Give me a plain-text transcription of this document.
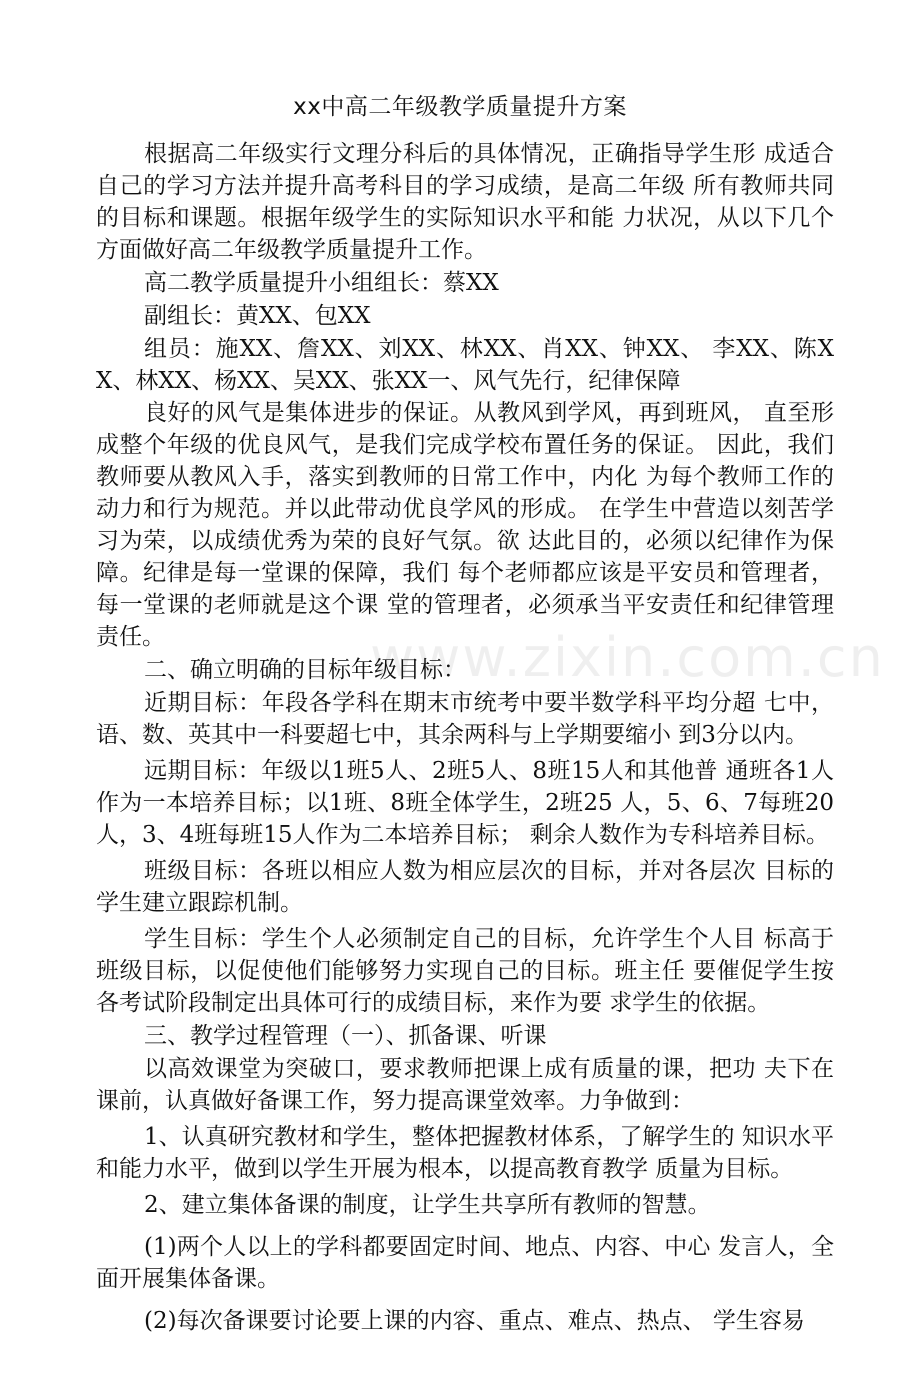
xx中高二年级教学质量提升方案
www.zixin.com.cn

根据高二年级实行文理分科后的具体情况，正确指导学生形 成适合自己的学习方法并提升高考科目的学习成绩，是高二年级 所有教师共同的目标和课题。根据年级学生的实际知识水平和能 力状况，从以下几个方面做好高二年级教学质量提升工作。

高二教学质量提升小组组长：蔡XX

副组长：黄XX、包XX

组员：施XX、詹XX、刘XX、林XX、肖XX、钟XX、 李XX、陈XX、林XX、杨XX、吴XX、张XX一、风气先行，纪律保障

良好的风气是集体进步的保证。从教风到学风，再到班风， 直至形成整个年级的优良风气，是我们完成学校布置任务的保证。 因此，我们教师要从教风入手，落实到教师的日常工作中，内化 为每个教师工作的动力和行为规范。并以此带动优良学风的形成。 在学生中营造以刻苦学习为荣，以成绩优秀为荣的良好气氛。欲 达此目的，必须以纪律作为保障。纪律是每一堂课的保障，我们 每个老师都应该是平安员和管理者，每一堂课的老师就是这个课 堂的管理者，必须承当平安责任和纪律管理责任。

二、确立明确的目标年级目标：

近期目标：年段各学科在期末市统考中要半数学科平均分超 七中，语、数、英其中一科要超七中，其余两科与上学期要缩小 到3分以内。

远期目标：年级以1班5人、2班5人、8班15人和其他普 通班各1人作为一本培养目标；以1班、8班全体学生，2班25 人，5、6、7每班20人，3、4班每班15人作为二本培养目标； 剩余人数作为专科培养目标。

班级目标：各班以相应人数为相应层次的目标，并对各层次 目标的学生建立跟踪机制。

学生目标：学生个人必须制定自己的目标，允许学生个人目 标高于班级目标，以促使他们能够努力实现自己的目标。班主任 要催促学生按各考试阶段制定出具体可行的成绩目标，来作为要 求学生的依据。

三、教学过程管理（一）、抓备课、听课

以高效课堂为突破口，要求教师把课上成有质量的课，把功 夫下在课前，认真做好备课工作，努力提高课堂效率。力争做到：

1、认真研究教材和学生，整体把握教材体系，了解学生的 知识水平和能力水平，做到以学生开展为根本，以提高教育教学 质量为目标。

2、建立集体备课的制度，让学生共享所有教师的智慧。

(1)两个人以上的学科都要固定时间、地点、内容、中心 发言人，全面开展集体备课。

(2)每次备课要讨论要上课的内容、重点、难点、热点、 学生容易
